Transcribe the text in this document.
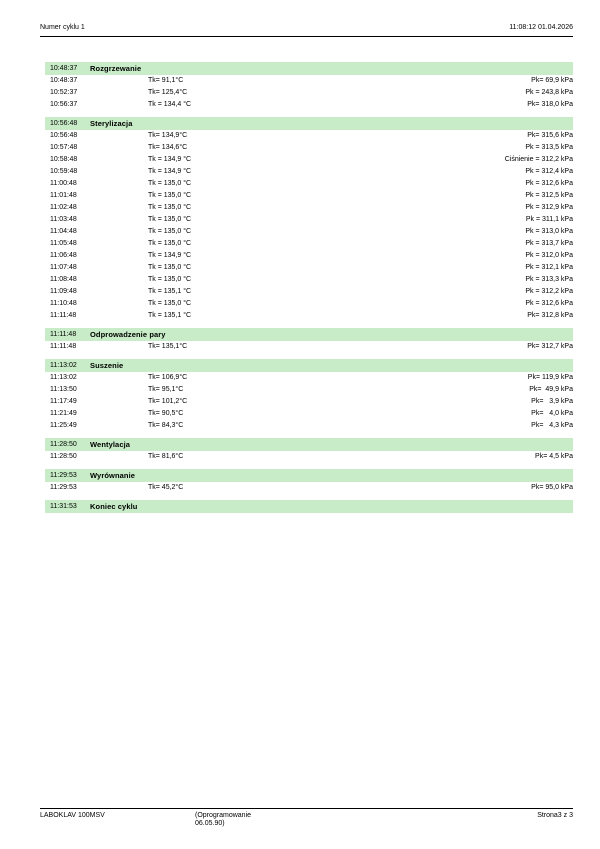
Numer cyklu 1	11:08:12 01.04.2026
10:48:37	Rozgrzewanie
10:48:37	Tk= 91,1°C	Pk= 69,9 kPa
10:52:37	Tk= 125,4°C	Pk = 243,8 kPa
10:56:37	Tk = 134,4 °C	Pk= 318,0 kPa
10:56:48	Sterylizacja
10:56:48	Tk= 134,9°C	Pk= 315,6 kPa
10:57:48	Tk= 134,6°C	Pk = 313,5 kPa
10:58:48	Tk = 134,9 °C	Ciśnienie = 312,2 kPa
10:59:48	Tk = 134,9 °C	Pk = 312,4 kPa
11:00:48	Tk = 135,0 °C	Pk = 312,6 kPa
11:01:48	Tk = 135,0 °C	Pk = 312,5 kPa
11:02:48	Tk = 135,0 °C	Pk = 312,9 kPa
11:03:48	Tk = 135,0 °C	Pk = 311,1 kPa
11:04:48	Tk = 135,0 °C	Pk = 313,0 kPa
11:05:48	Tk = 135,0 °C	Pk = 313,7 kPa
11:06:48	Tk = 134,9 °C	Pk = 312,0 kPa
11:07:48	Tk = 135,0 °C	Pk = 312,1 kPa
11:08:48	Tk = 135,0 °C	Pk = 313,3 kPa
11:09:48	Tk = 135,1 °C	Pk = 312,2 kPa
11:10:48	Tk = 135,0 °C	Pk = 312,6 kPa
11:11:48	Tk = 135,1 °C	Pk= 312,8 kPa
11:11:48	Odprowadzenie pary
11:11:48	Tk= 135,1°C	Pk= 312,7 kPa
11:13:02	Suszenie
11:13:02	Tk= 106,9°C	Pk= 119,9 kPa
11:13:50	Tk= 95,1°C	Pk=  49,9 kPa
11:17:49	Tk= 101,2°C	Pk=   3,9 kPa
11:21:49	Tk= 90,5°C	Pk=   4,0 kPa
11:25:49	Tk= 84,3°C	Pk=   4,3 kPa
11:28:50	Wentylacja
11:28:50	Tk= 81,6°C	Pk= 4,5 kPa
11:29:53	Wyrównanie
11:29:53	Tk= 45,2°C	Pk= 95,0 kPa
11:31:53	Koniec cyklu
LABOKLAV 100MSV	(Oprogramowanie
06.05.90)
Strona3 z 3
